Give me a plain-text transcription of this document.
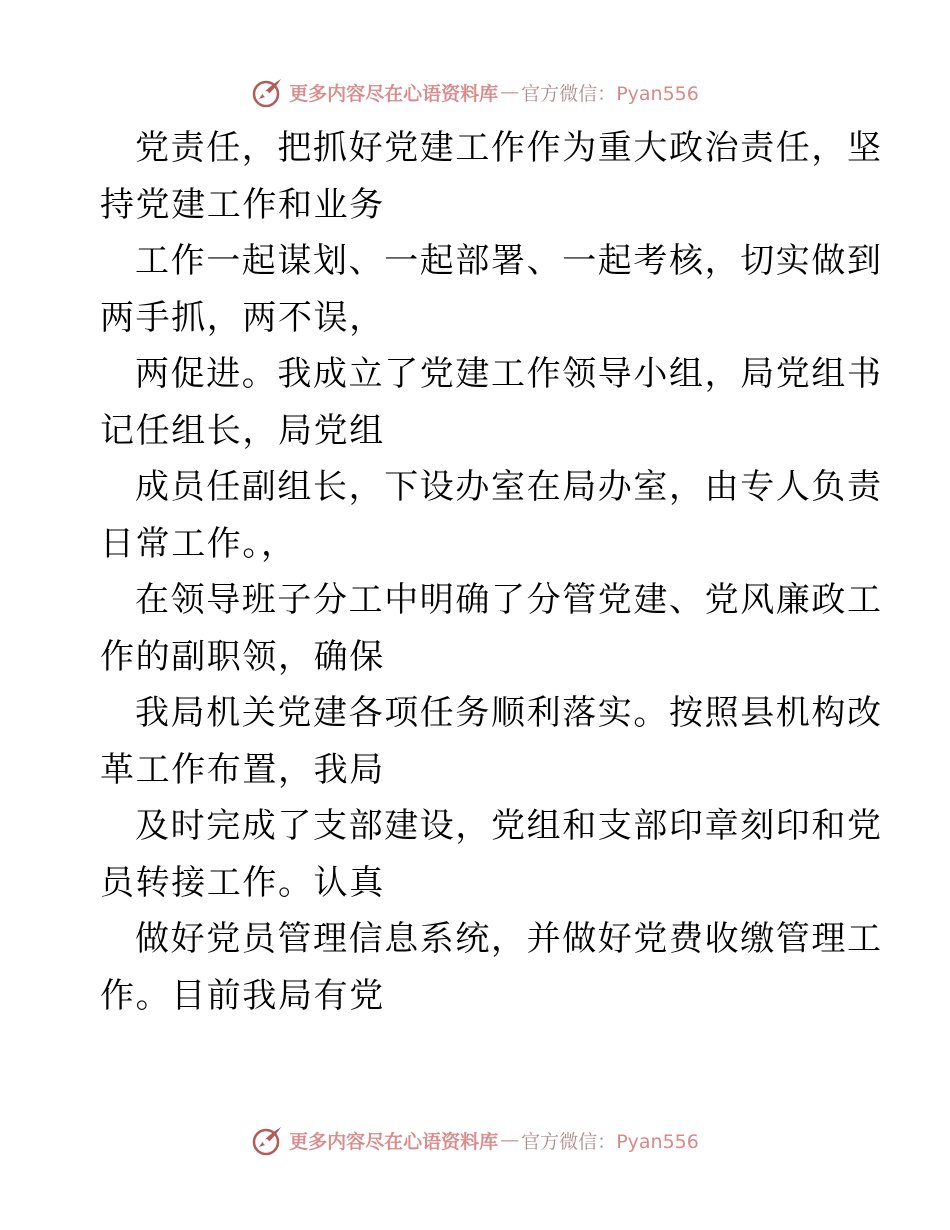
更多内容尽在心语资料库 — 官方微信：Pyan556
党责任，把抓好党建工作作为重大政治责任，坚
持党建工作和业务
工作一起谋划、一起部署、一起考核，切实做到
两手抓，两不误，
两促进。我成立了党建工作领导小组，局党组书
记任组长，局党组
成员任副组长，下设办室在局办室，由专人负责
日常工作。，
在领导班子分工中明确了分管党建、党风廉政工
作的副职领，确保
我局机关党建各项任务顺利落实。按照县机构改
革工作布置，我局
及时完成了支部建设，党组和支部印章刻印和党
员转接工作。认真
做好党员管理信息系统，并做好党费收缴管理工
作。目前我局有党
更多内容尽在心语资料库 — 官方微信：Pyan556
